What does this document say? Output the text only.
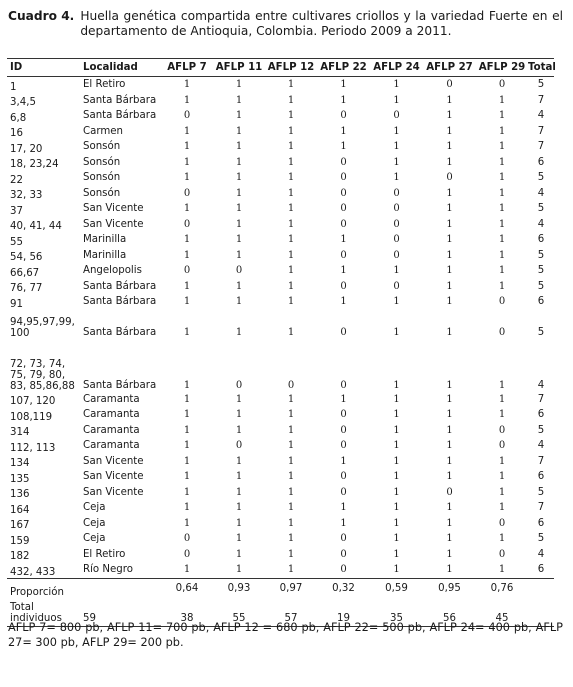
Cuadro 4. Huella genética compartida entre cultivares criollos y la variedad Fuerte en el departamento de Antioquia, Colombia. Periodo 2009 a 2011.
ID	Localidad	AFLP 7	AFLP 11	AFLP 12	AFLP 22	AFLP 24	AFLP 27	AFLP 29	Total
1	El Retiro	1	1	1	1	1	0	0	5
3,4,5	Santa Bárbara	1	1	1	1	1	1	1	7
6,8	Santa Bárbara	0	1	1	0	0	1	1	4
16	Carmen	1	1	1	1	1	1	1	7
17, 20	Sonsón	1	1	1	1	1	1	1	7
18, 23,24	Sonsón	1	1	1	0	1	1	1	6
22	Sonsón	1	1	1	0	1	0	1	5
32, 33	Sonsón	0	1	1	0	0	1	1	4
37	San Vicente	1	1	1	0	0	1	1	5
40, 41, 44	San Vicente	0	1	1	0	0	1	1	4
55	Marinilla	1	1	1	1	0	1	1	6
54, 56	Marinilla	1	1	1	0	0	1	1	5
66,67	Angelopolis	0	0	1	1	1	1	1	5
76, 77	Santa Bárbara	1	1	1	0	0	1	1	5
91	Santa Bárbara	1	1	1	1	1	1	0	6
94,95,97,99,
100	Santa Bárbara	1	1	1	0	1	1	0	5
72, 73, 74,
75, 79, 80,
83, 85,86,88	Santa Bárbara	1	0	0	0	1	1	1	4
107, 120	Caramanta	1	1	1	1	1	1	1	7
108,119	Caramanta	1	1	1	0	1	1	1	6
314	Caramanta	1	1	1	0	1	1	0	5
112, 113	Caramanta	1	0	1	0	1	1	0	4
134	San Vicente	1	1	1	1	1	1	1	7
135	San Vicente	1	1	1	0	1	1	1	6
136	San Vicente	1	1	1	0	1	0	1	5
164	Ceja	1	1	1	1	1	1	1	7
167	Ceja	1	1	1	1	1	1	0	6
159	Ceja	0	1	1	0	1	1	1	5
182	El Retiro	0	1	1	0	1	1	0	4
432, 433	Río Negro	1	1	1	0	1	1	1	6
Proporción		0,64	0,93	0,97	0,32	0,59	0,95	0,76	
Total
individuos	59	38	55	57	19	35	56	45	
AFLP 7= 800 pb, AFLP 11= 700 pb, AFLP 12 = 680 pb, AFLP 22= 500 pb, AFLP 24= 400 pb, AFLP 27= 300 pb, AFLP 29= 200 pb.
